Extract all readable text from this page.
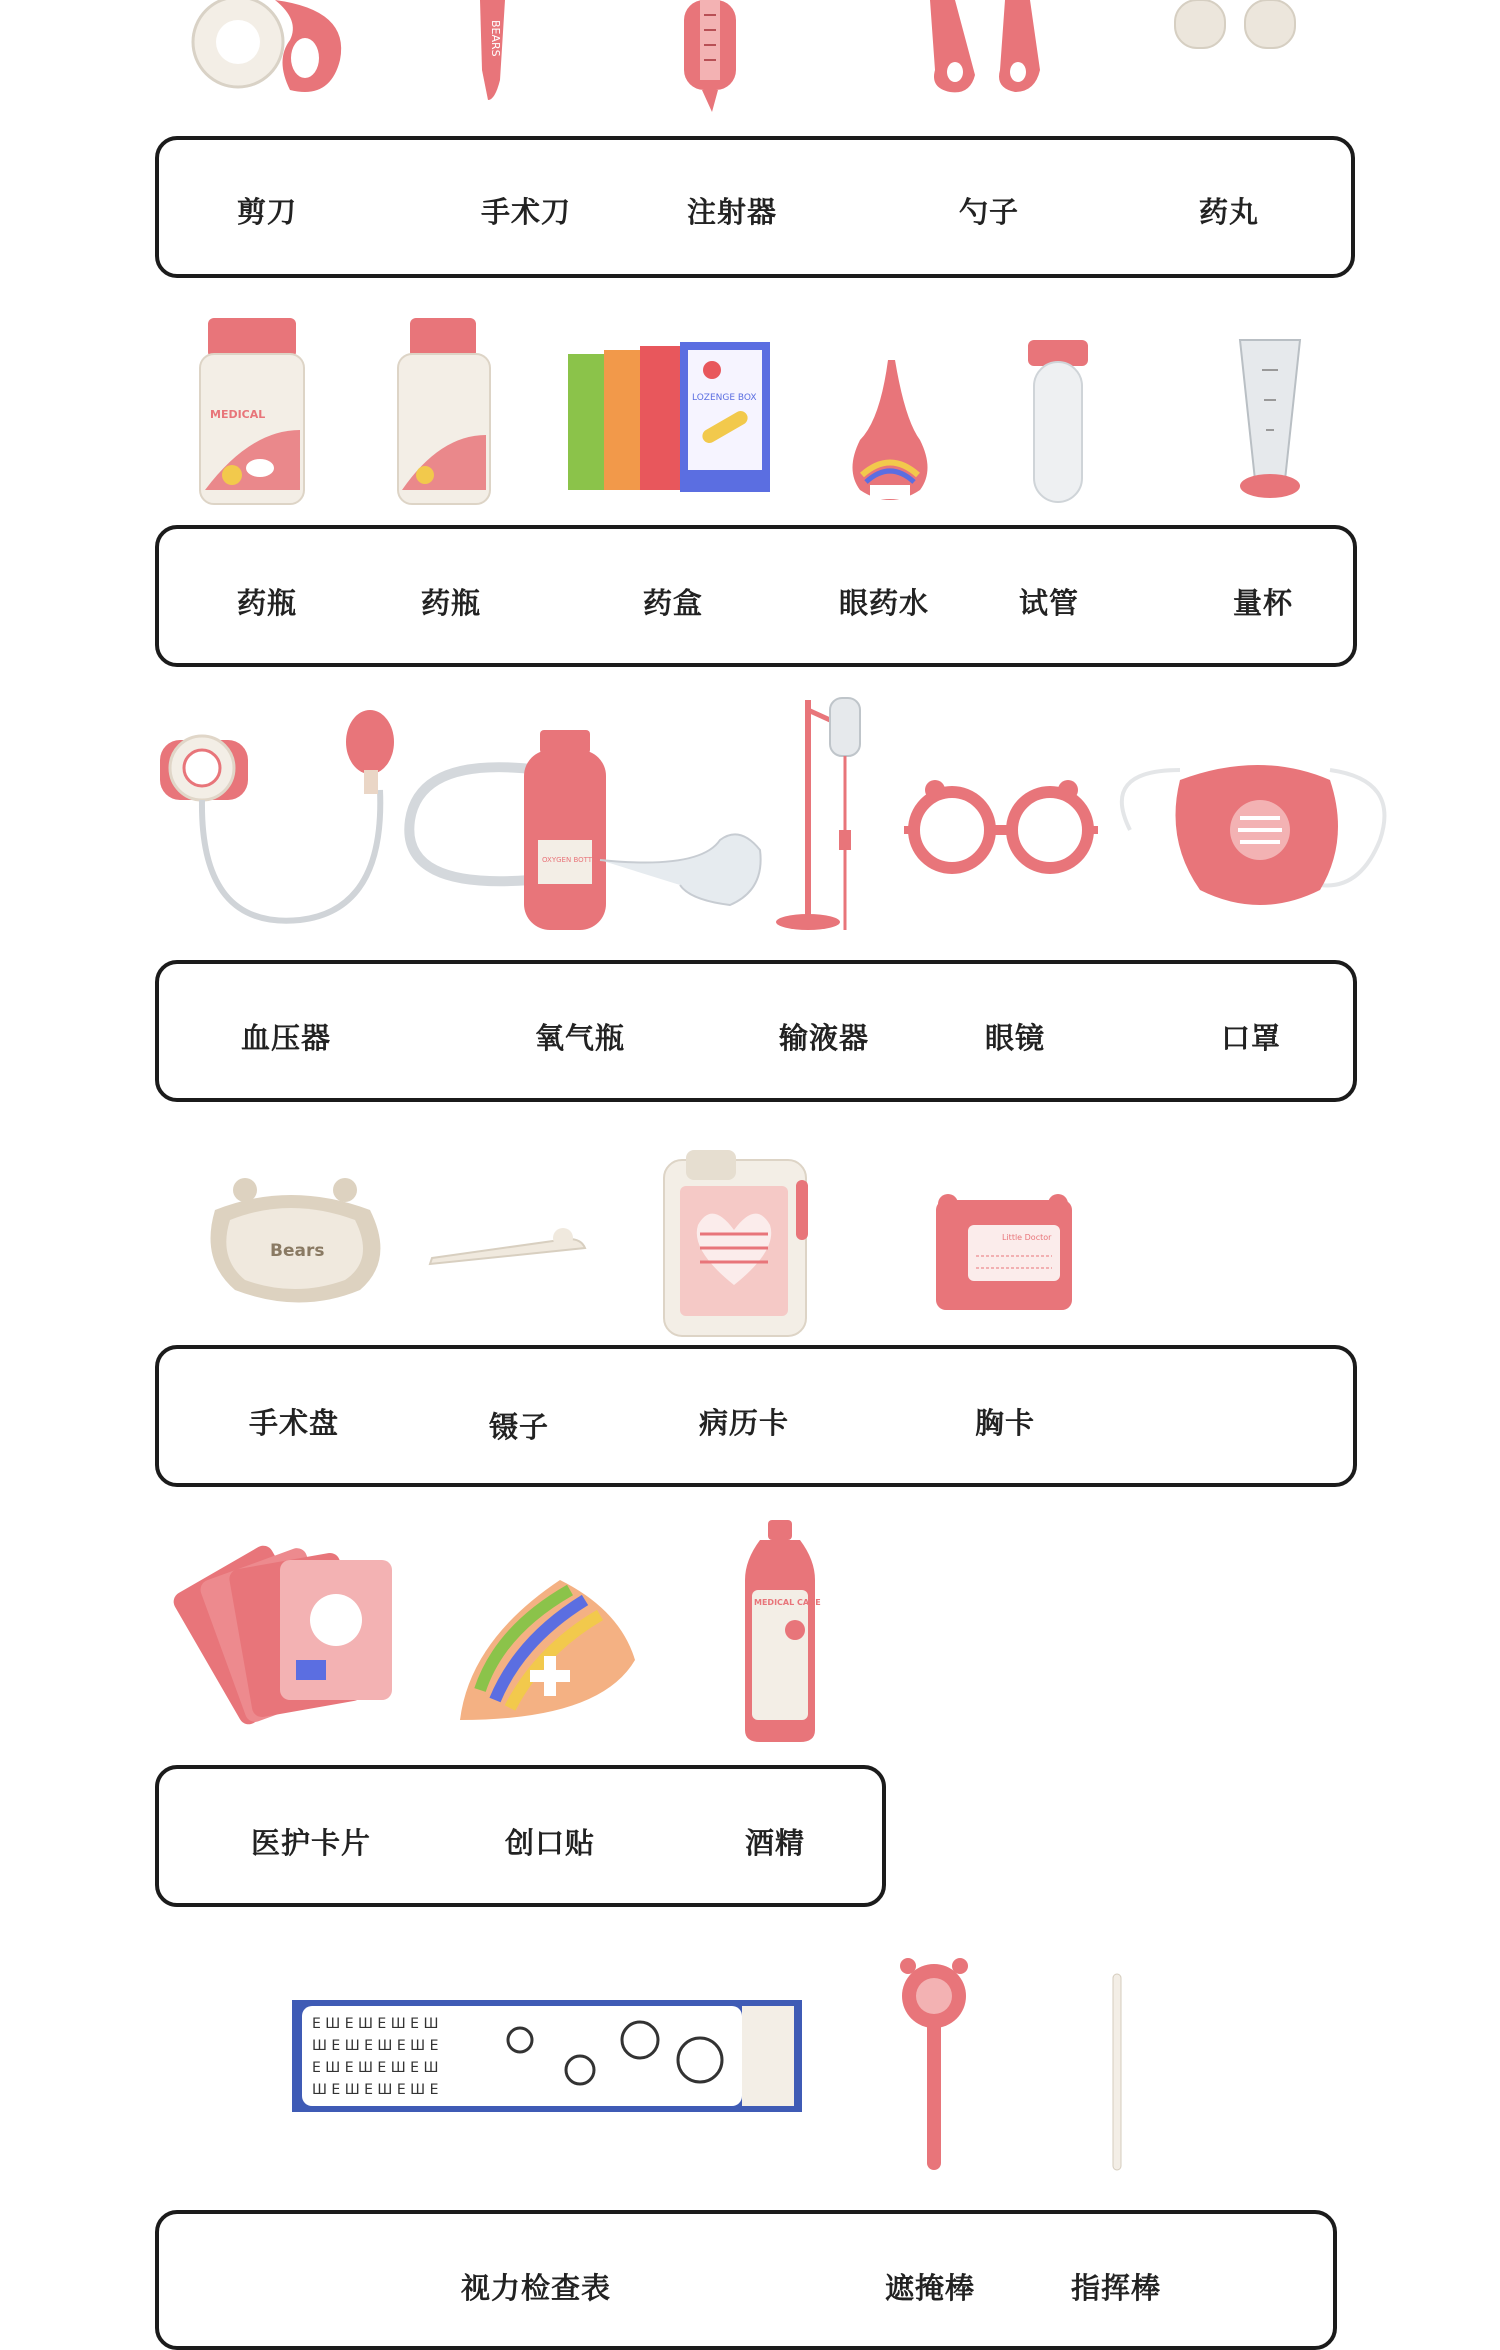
BEARS
剪刀	手术刀	注射器	勺子	药丸
MEDICAL
LOZENGE BOX
药瓶	药瓶	药盒	眼药水	试管	量杯
OXYGEN BOTTLE
血压器	氧气瓶	输液器	眼镜	口罩
Bears
Little Doctor
手术盘	镊子	病历卡	胸卡
MEDICAL CARE
医护卡片	创口贴	酒精
E Ш E Ш E Ш E Ш
Ш E Ш E Ш E Ш E
E Ш E Ш E Ш E Ш
Ш E Ш E Ш E Ш E
视力检查表	遮掩棒	指挥棒
